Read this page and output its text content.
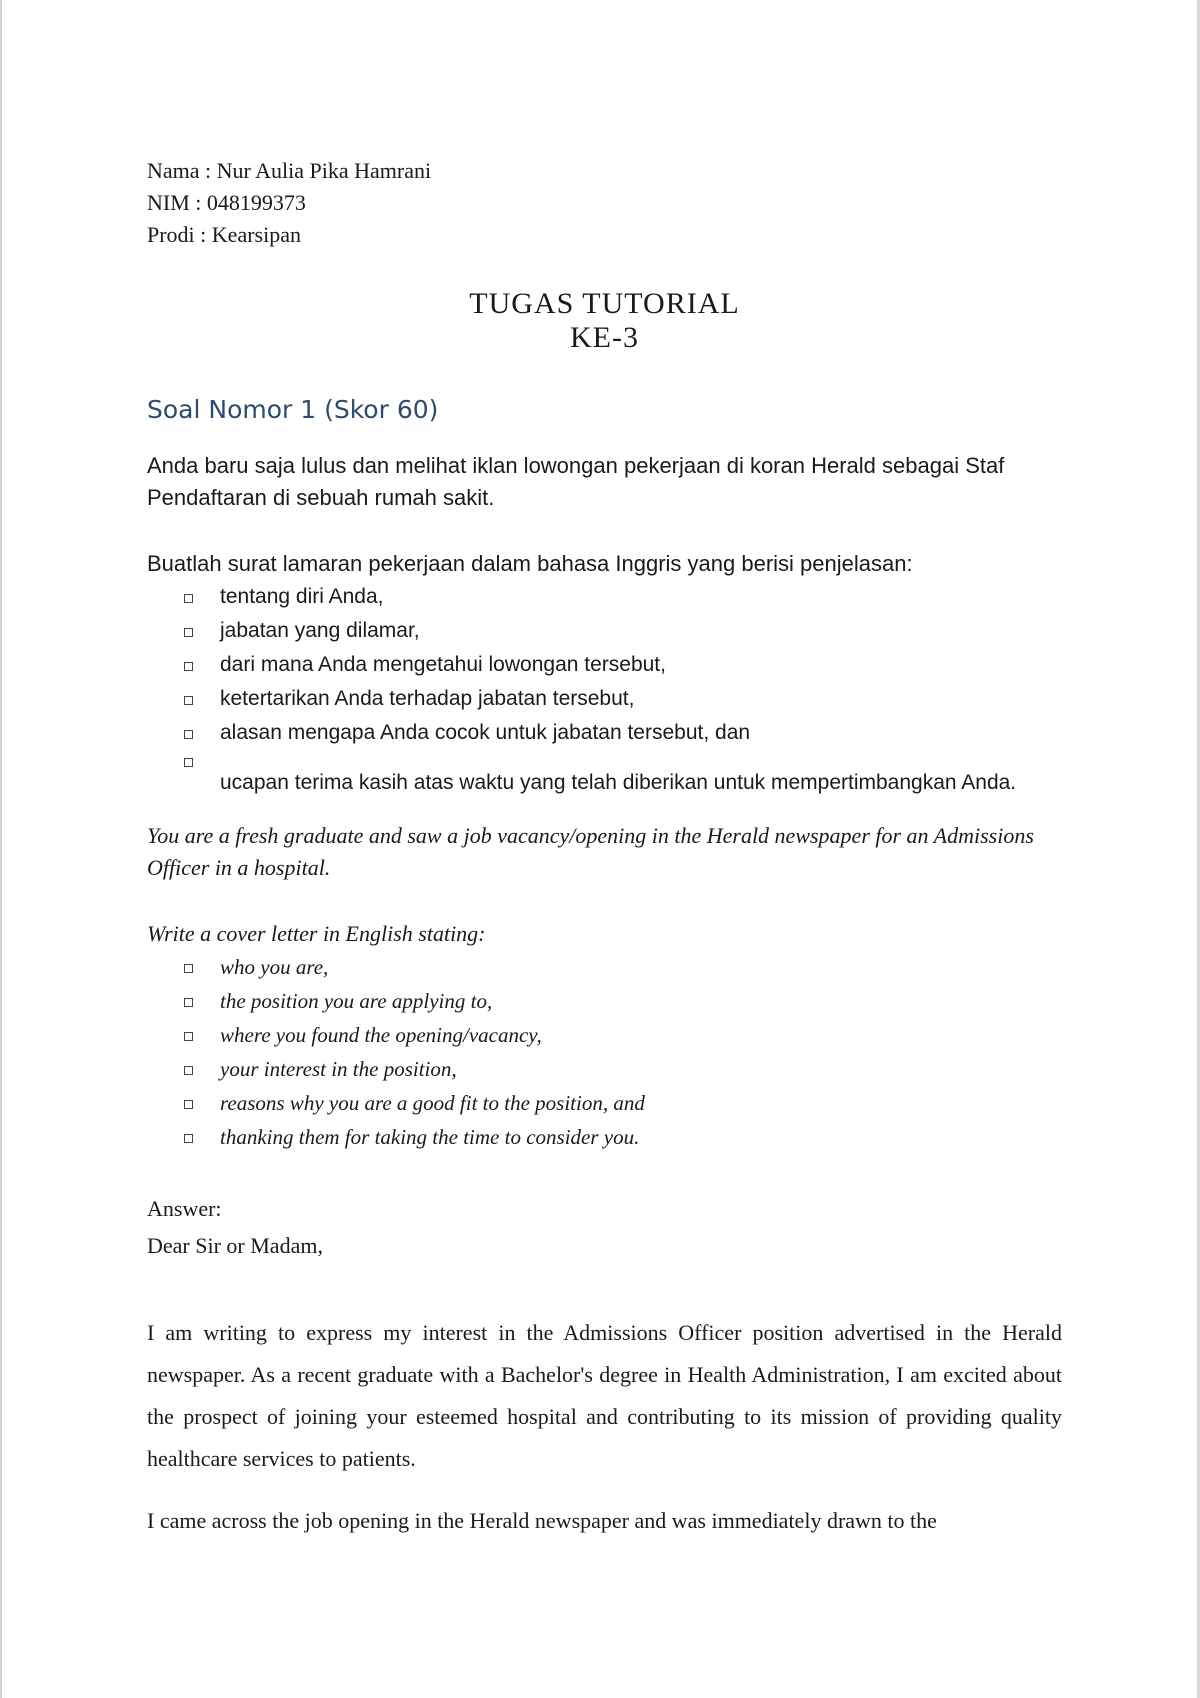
Nama : Nur Aulia Pika Hamrani

NIM : 048199373

Prodi : Kearsipan

TUGAS TUTORIAL
KE-3
Soal Nomor 1 (Skor 60)

Anda baru saja lulus dan melihat iklan lowongan pekerjaan di koran Herald sebagai Staf Pendaftaran di sebuah rumah sakit.

Buatlah surat lamaran pekerjaan dalam bahasa Inggris yang berisi penjelasan:

tentang diri Anda,
jabatan yang dilamar,
dari mana Anda mengetahui lowongan tersebut,
ketertarikan Anda terhadap jabatan tersebut,
alasan mengapa Anda cocok untuk jabatan tersebut, dan
ucapan terima kasih atas waktu yang telah diberikan untuk mempertimbangkan Anda.

You are a fresh graduate and saw a job vacancy/opening in the Herald newspaper for an Admissions Officer in a hospital.

Write a cover letter in English stating:

who you are,
the position you are applying to,
where you found the opening/vacancy,
your interest in the position,
reasons why you are a good fit to the position, and
thanking them for taking the time to consider you.

Answer:

Dear Sir or Madam,

I am writing to express my interest in the Admissions Officer position advertised in the Herald newspaper. As a recent graduate with a Bachelor's degree in Health Administration, I am excited about the prospect of joining your esteemed hospital and contributing to its mission of providing quality healthcare services to patients.

I came across the job opening in the Herald newspaper and was immediately drawn to the
